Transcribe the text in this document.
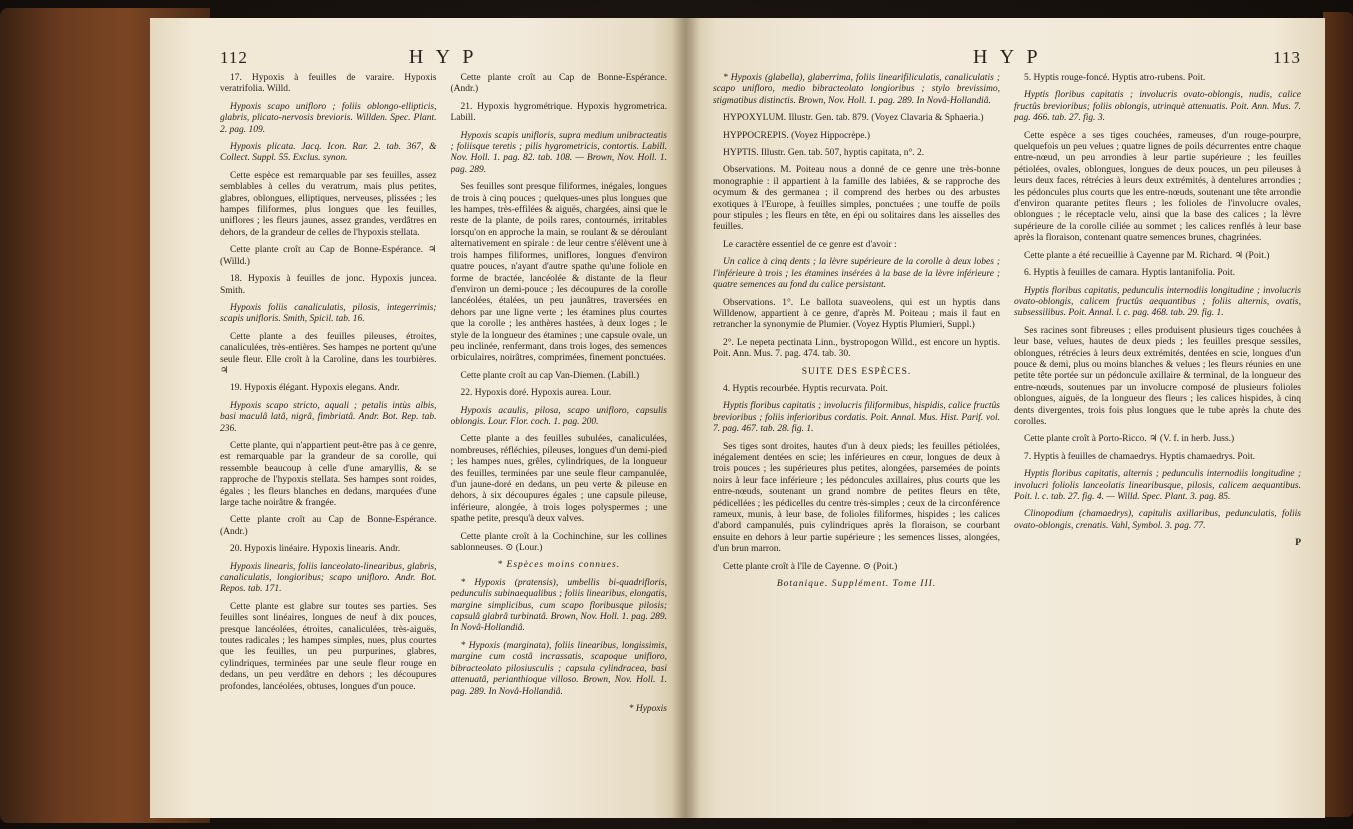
112	H Y P

17. Hypoxis à feuilles de varaire. Hypoxis veratrifolia. Willd.

Hypoxis scapo unifloro ; foliis oblongo-ellipticis, glabris, plicato-nervosis brevioris. Willden. Spec. Plant. 2. pag. 109.

Hypoxis plicata. Jacq. Icon. Rar. 2. tab. 367, & Collect. Suppl. 55. Exclus. synon.

Cette espèce est remarquable par ses feuilles, assez semblables à celles du veratrum, mais plus petites, glabres, oblongues, elliptiques, nerveuses, plissées ; les hampes filiformes, plus longues que les feuilles, uniflores ; les fleurs jaunes, assez grandes, verdâtres en dehors, de la grandeur de celles de l'hypoxis stellata.

Cette plante croît au Cap de Bonne-Espérance. ♃ (Willd.)

18. Hypoxis à feuilles de jonc. Hypoxis juncea. Smith.

Hypoxis foliis canaliculatis, pilosis, integerrimis; scapis unifloris. Smith, Spicil. tab. 16.

Cette plante a des feuilles pileuses, étroites, canaliculées, très-entières. Ses hampes ne portent qu'une seule fleur. Elle croît à la Caroline, dans les tourbières. ♃

19. Hypoxis élégant. Hypoxis elegans. Andr.

Hypoxis scapo stricto, aquali ; petalis intùs albis, basi maculâ latâ, nigrâ, fimbriatâ. Andr. Bot. Rep. tab. 236.

Cette plante, qui n'appartient peut-être pas à ce genre, est remarquable par la grandeur de sa corolle, qui ressemble beaucoup à celle d'une amaryllis, & se rapproche de l'hypoxis stellata. Ses hampes sont roides, égales ; les fleurs blanches en dedans, marquées d'une large tache noirâtre & frangée.

Cette plante croît au Cap de Bonne-Espérance. (Andr.)

20. Hypoxis linéaire. Hypoxis linearis. Andr.

Hypoxis linearis, foliis lanceolato-linearibus, glabris, canaliculatis, longioribus; scapo unifloro. Andr. Bot. Repos. tab. 171.

Cette plante est glabre sur toutes ses parties. Ses feuilles sont linéaires, longues de neuf à dix pouces, presque lancéolées, étroites, canaliculées, très-aiguës, toutes radicales ; les hampes simples, nues, plus courtes que les feuilles, un peu purpurines, glabres, cylindriques, terminées par une seule fleur rouge en dedans, un peu verdâtre en dehors ; les découpures profondes, lancéolées, obtuses, longues d'un pouce.

Cette plante croît au Cap de Bonne-Espérance. (Andr.)

21. Hypoxis hygrométrique. Hypoxis hygrometrica. Labill.

Hypoxis scapis unifloris, supra medium unibracteatis ; foliisque teretis ; pilis hygrometricis, contortis. Labill. Nov. Holl. 1. pag. 82. tab. 108. — Brown, Nov. Holl. 1. pag. 289.

Ses feuilles sont presque filiformes, inégales, longues de trois à cinq pouces ; quelques-unes plus longues que les hampes, très-effilées & aiguës, chargées, ainsi que le reste de la plante, de poils rares, contournés, irritables lorsqu'on en approche la main, se roulant & se déroulant alternativement en spirale : de leur centre s'élèvent une à trois hampes filiformes, uniflores, longues d'environ quatre pouces, n'ayant d'autre spathe qu'une foliole en forme de bractée, lancéolée & distante de la fleur d'environ un demi-pouce ; les découpures de la corolle lancéolées, étalées, un peu jaunâtres, traversées en dehors par une ligne verte ; les étamines plus courtes que la corolle ; les anthères hastées, à deux loges ; le style de la longueur des étamines ; une capsule ovale, un peu inclinée, renfermant, dans trois loges, des semences orbiculaires, noirâtres, comprimées, finement ponctuées.

Cette plante croît au cap Van-Diemen. (Labill.)

22. Hypoxis doré. Hypoxis aurea. Lour.

Hypoxis acaulis, pilosa, scapo unifloro, capsulis oblongis. Lour. Flor. coch. 1. pag. 200.

Cette plante a des feuilles subulées, canaliculées, nombreuses, réfléchies, pileuses, longues d'un demi-pied ; les hampes nues, grêles, cylindriques, de la longueur des feuilles, terminées par une seule fleur campanulée, d'un jaune-doré en dedans, un peu verte & pileuse en dehors, à six découpures égales ; une capsule pileuse, inférieure, alongée, à trois loges polyspermes ; une spathe petite, presqu'à deux valves.

Cette plante croît à la Cochinchine, sur les collines sablonneuses. ⊙ (Lour.)

* Espèces moins connues.

* Hypoxis (pratensis), umbellis bi-quadrifloris, pedunculis subinaequalibus ; foliis linearibus, elongatis, margine simplicibus, cum scapo floribusque pilosis; capsulâ glabrâ turbinatâ. Brown, Nov. Holl. 1. pag. 289. In Novâ-Hollandiâ.

* Hypoxis (marginata), foliis linearibus, longissimis, margine cum costâ incrassatis, scapoque unifloro, bibracteolato pilosiusculis ; capsula cylindracea, basi attenuatâ, perianthioque villoso. Brown, Nov. Holl. 1. pag. 289. In Novâ-Hollandiâ.

* Hypoxis

H Y P	113

* Hypoxis (glabella), glaberrima, foliis linearifiliculatis, canaliculatis ; scapo unifloro, medio bibracteolato longioribus ; stylo brevissimo, stigmatibus distinctis. Brown, Nov. Holl. 1. pag. 289. In Novâ-Hollandiâ.

HYPOXYLUM. Illustr. Gen. tab. 879. (Voyez Clavaria & Sphaeria.)

HYPPOCREPIS. (Voyez Hippocrèpe.)

HYPTIS. Illustr. Gen. tab. 507, hyptis capitata, n°. 2.

Observations. M. Poiteau nous a donné de ce genre une très-bonne monographie : il appartient à la famille des labiées, & se rapproche des ocymum & des germanea ; il comprend des herbes ou des arbustes exotiques à l'Europe, à feuilles simples, ponctuées ; une touffe de poils pour stipules ; les fleurs en tête, en épi ou solitaires dans les aisselles des feuilles.

Le caractère essentiel de ce genre est d'avoir :

Un calice à cinq dents ; la lèvre supérieure de la corolle à deux lobes ; l'inférieure à trois ; les étamines insérées à la base de la lèvre inférieure ; quatre semences au fond du calice persistant.

Observations. 1°. Le ballota suaveolens, qui est un hyptis dans Willdenow, appartient à ce genre, d'après M. Poiteau ; mais il faut en retrancher la synonymie de Plumier. (Voyez Hyptis Plumieri, Suppl.)

2°. Le nepeta pectinata Linn., bystropogon Willd., est encore un hyptis. Poit. Ann. Mus. 7. pag. 474. tab. 30.

SUITE DES ESPÈCES.

4. Hyptis recourbée. Hyptis recurvata. Poit.

Hyptis floribus capitatis ; involucris filiformibus, hispidis, calice fructûs brevioribus ; foliis inferioribus cordatis. Poit. Annal. Mus. Hist. Parif. vol. 7. pag. 467. tab. 28. fig. 1.

Ses tiges sont droites, hautes d'un à deux pieds; les feuilles pétiolées, inégalement dentées en scie; les inférieures en cœur, longues de deux à trois pouces ; les supérieures plus petites, alongées, parsemées de points noirs à leur face inférieure ; les pédoncules axillaires, plus courts que les entre-nœuds, soutenant un grand nombre de petites fleurs en tête, pédicellées ; les pédicelles du centre très-simples ; ceux de la circonférence rameux, munis, à leur base, de folioles filiformes, hispides ; les calices d'abord campanulés, puis cylindriques après la floraison, se courbant ensuite en dehors à leur partie supérieure ; les semences lisses, alongées, d'un brun marron.

Cette plante croît à l'île de Cayenne. ⊙ (Poit.)

Botanique. Supplément. Tome III.

5. Hyptis rouge-foncé. Hyptis atro-rubens. Poit.

Hyptis floribus capitatis ; involucris ovato-oblongis, nudis, calice fructûs brevioribus; foliis oblongis, utrinquè attenuatis. Poit. Ann. Mus. 7. pag. 466. tab. 27. fig. 3.

Cette espèce a ses tiges couchées, rameuses, d'un rouge-pourpre, quelquefois un peu velues ; quatre lignes de poils décurrentes entre chaque entre-nœud, un peu arrondies à leur partie supérieure ; les feuilles pétiolées, ovales, oblongues, longues de deux pouces, un peu pileuses à leurs deux faces, rétrécies à leurs deux extrémités, à dentelures arrondies ; les pédoncules plus courts que les entre-nœuds, soutenant une tête arrondie d'environ quarante petites fleurs ; les folioles de l'involucre ovales, oblongues ; le réceptacle velu, ainsi que la base des calices ; la lèvre supérieure de la corolle ciliée au sommet ; les calices renflés à leur base après la floraison, contenant quatre semences brunes, chagrinées.

Cette plante a été recueillie à Cayenne par M. Richard. ♃ (Poit.)

6. Hyptis à feuilles de camara. Hyptis lantanifolia. Poit.

Hyptis floribus capitatis, pedunculis internodiis longitudine ; involucris ovato-oblongis, calicem fructûs aequantibus ; foliis alternis, ovatis, subsessilibus. Poit. Annal. l. c. pag. 468. tab. 29. fig. 1.

Ses racines sont fibreuses ; elles produisent plusieurs tiges couchées à leur base, velues, hautes de deux pieds ; les feuilles presque sessiles, oblongues, rétrécies à leurs deux extrémités, dentées en scie, longues d'un pouce & demi, plus ou moins blanches & velues ; les fleurs réunies en une petite tête portée sur un pédoncule axillaire & terminal, de la longueur des entre-nœuds, soutenues par un involucre composé de plusieurs folioles oblongues, aiguës, de la longueur des fleurs ; les calices hispides, à cinq dents divergentes, trois fois plus longues que le tube après la chute des corolles.

Cette plante croît à Porto-Ricco. ♃ (V. f. in herb. Juss.)

7. Hyptis à feuilles de chamaedrys. Hyptis chamaedrys. Poit.

Hyptis floribus capitatis, alternis ; pedunculis internodiis longitudine ; involucri foliolis lanceolatis linearibusque, pilosis, calicem aequantibus. Poit. l. c. tab. 27. fig. 4. — Willd. Spec. Plant. 3. pag. 85.

Clinopodium (chamaedrys), capitulis axillaribus, pedunculatis, foliis ovato-oblongis, crenatis. Vahl, Symbol. 3. pag. 77.

P
